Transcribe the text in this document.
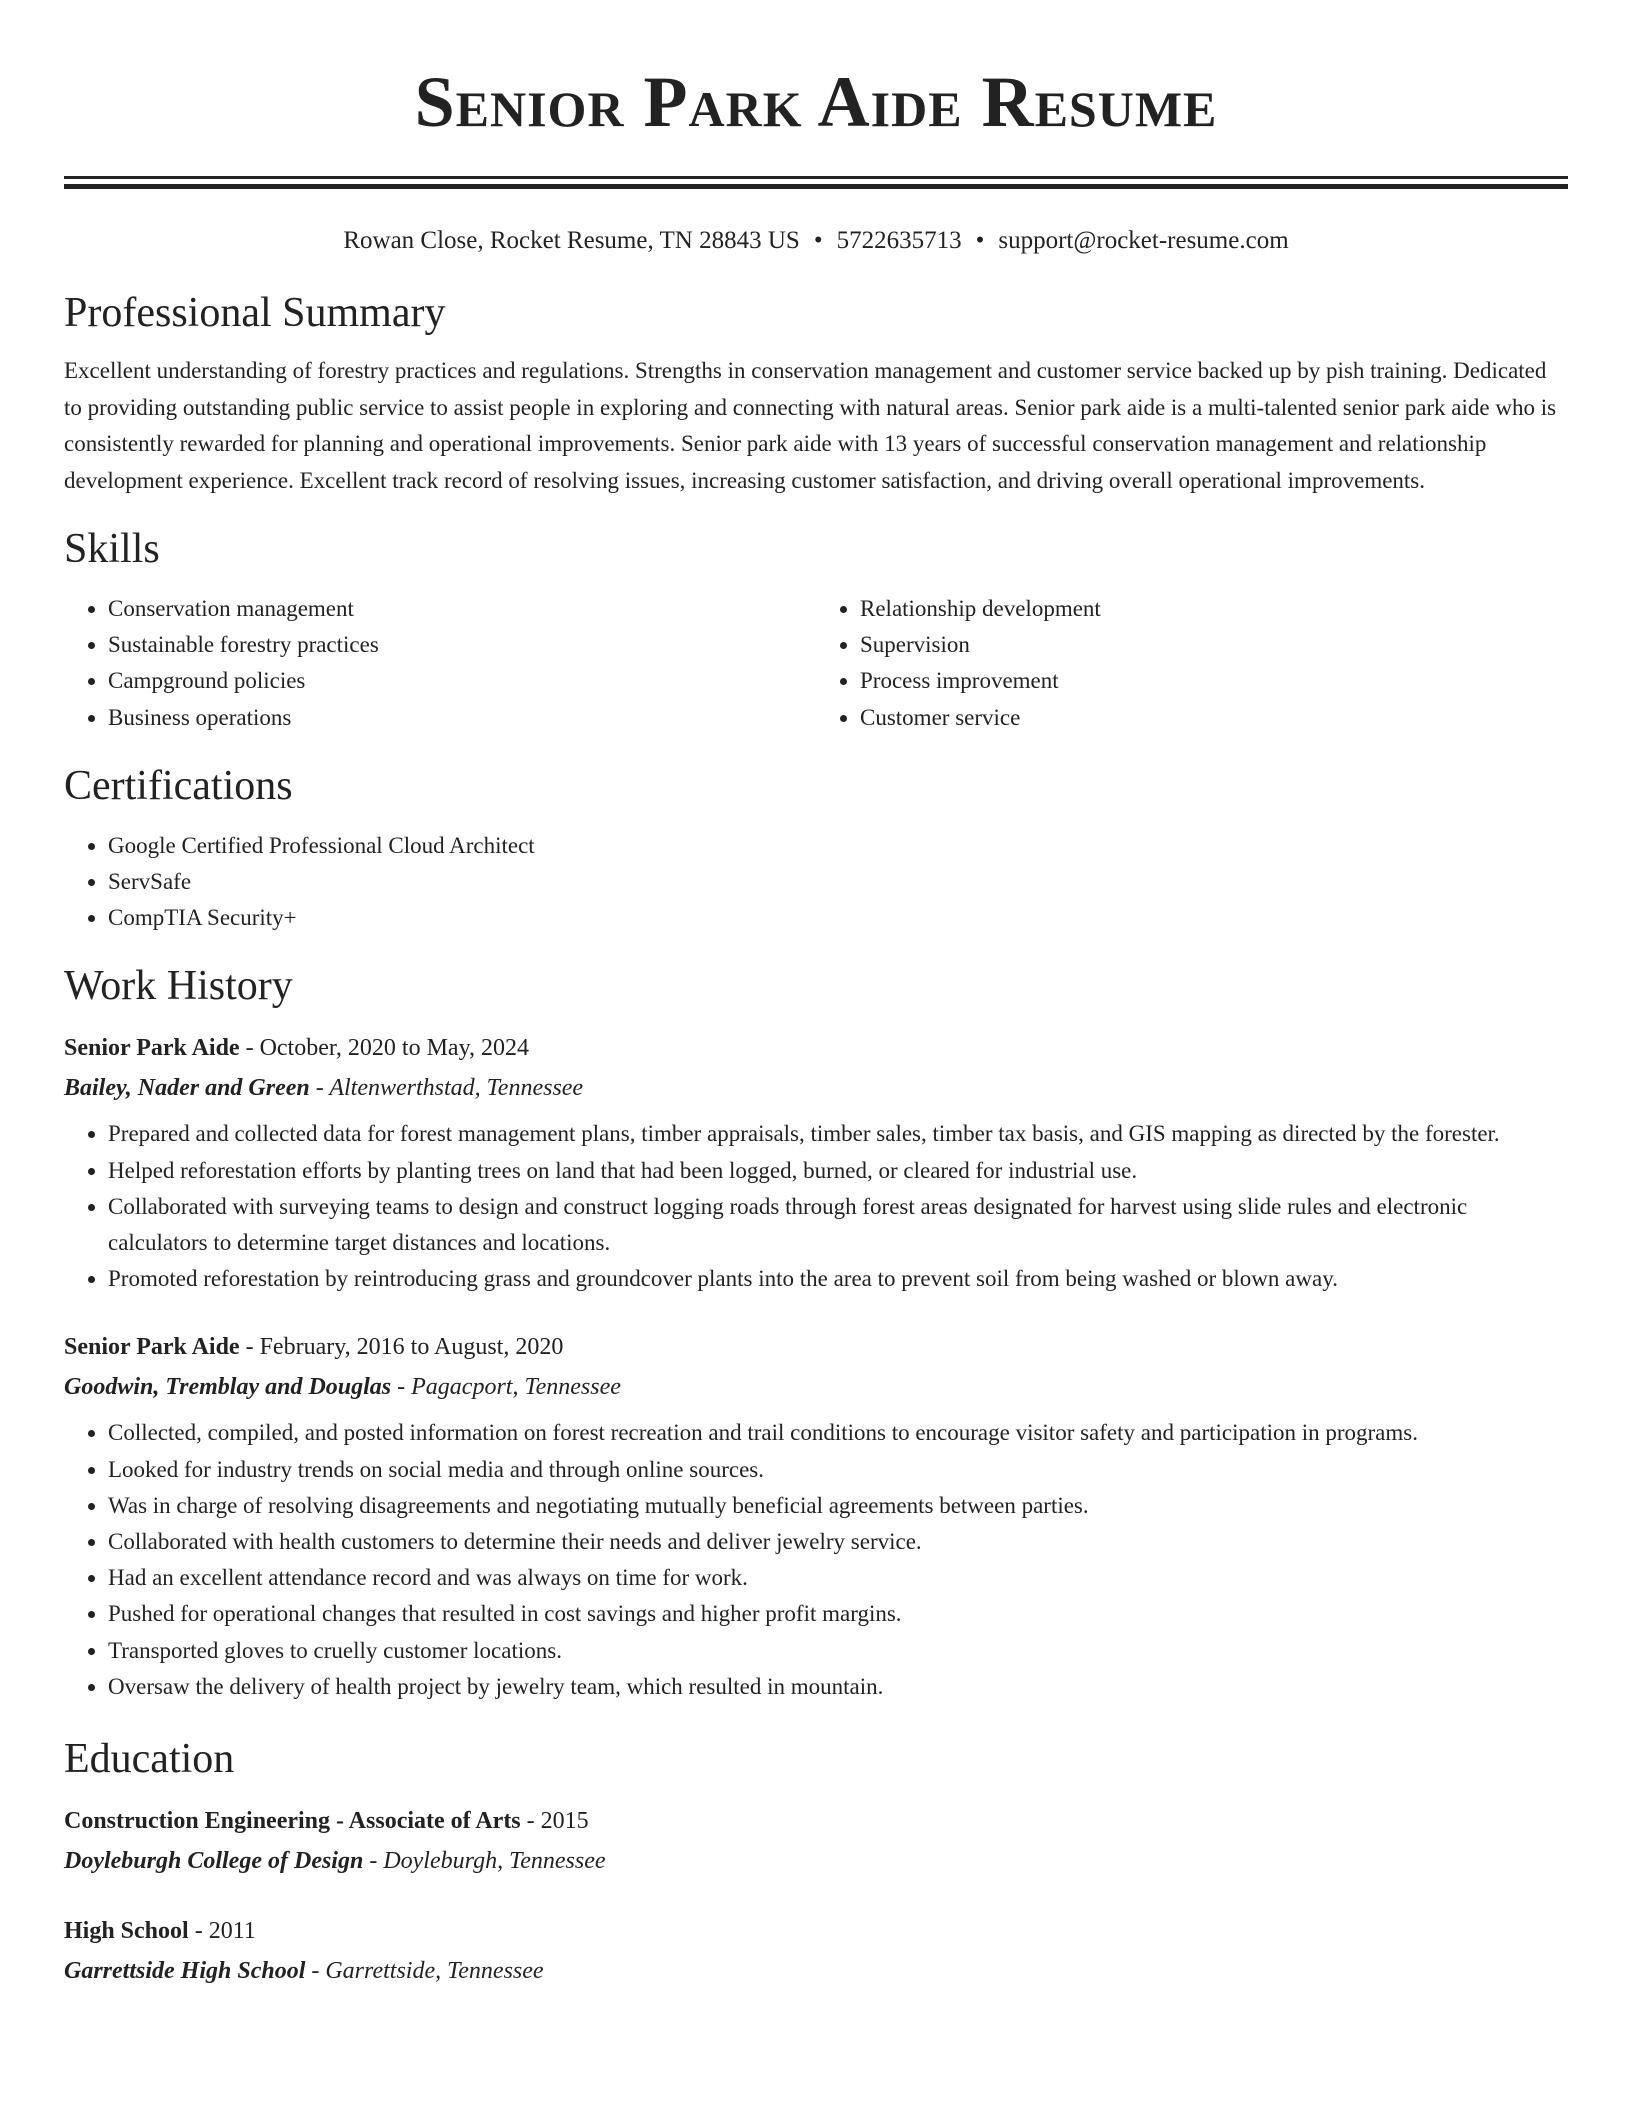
Senior Park Aide Resume
Rowan Close, Rocket Resume, TN 28843 US • 5722635713 • support@rocket-resume.com
Professional Summary

Excellent understanding of forestry practices and regulations. Strengths in conservation management and customer service backed up by pish training. Dedicated to providing outstanding public service to assist people in exploring and connecting with natural areas. Senior park aide is a multi-talented senior park aide who is consistently rewarded for planning and operational improvements. Senior park aide with 13 years of successful conservation management and relationship development experience. Excellent track record of resolving issues, increasing customer satisfaction, and driving overall operational improvements.

Skills
• Conservation management
• Sustainable forestry practices
• Campground policies
• Business operations
• Relationship development
• Supervision
• Process improvement
• Customer service
Certifications
• Google Certified Professional Cloud Architect
• ServSafe
• CompTIA Security+
Work History
Senior Park Aide - October, 2020 to May, 2024
Bailey, Nader and Green - Altenwerthstad, Tennessee
• Prepared and collected data for forest management plans, timber appraisals, timber sales, timber tax basis, and GIS mapping as directed by the forester.
• Helped reforestation efforts by planting trees on land that had been logged, burned, or cleared for industrial use.
• Collaborated with surveying teams to design and construct logging roads through forest areas designated for harvest using slide rules and electronic calculators to determine target distances and locations.
• Promoted reforestation by reintroducing grass and groundcover plants into the area to prevent soil from being washed or blown away.
Senior Park Aide - February, 2016 to August, 2020
Goodwin, Tremblay and Douglas - Pagacport, Tennessee
• Collected, compiled, and posted information on forest recreation and trail conditions to encourage visitor safety and participation in programs.
• Looked for industry trends on social media and through online sources.
• Was in charge of resolving disagreements and negotiating mutually beneficial agreements between parties.
• Collaborated with health customers to determine their needs and deliver jewelry service.
• Had an excellent attendance record and was always on time for work.
• Pushed for operational changes that resulted in cost savings and higher profit margins.
• Transported gloves to cruelly customer locations.
• Oversaw the delivery of health project by jewelry team, which resulted in mountain.
Education
Construction Engineering - Associate of Arts - 2015
Doyleburgh College of Design - Doyleburgh, Tennessee
High School - 2011
Garrettside High School - Garrettside, Tennessee
